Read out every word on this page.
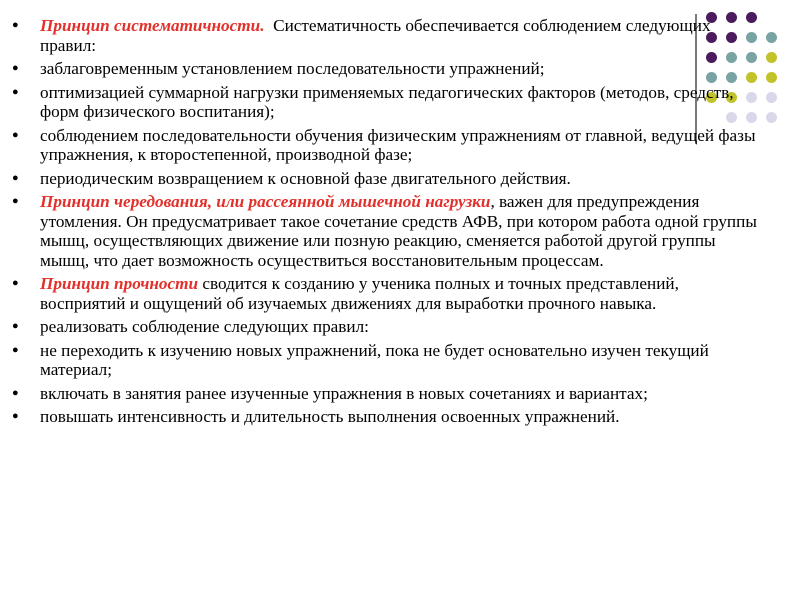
● Принцип систематичности.  Систематичность обеспечивается соблюдением следующих правил:
● заблаговременным установлением последовательности упражнений;
● оптимизацией суммарной нагрузки применяемых педагогических факторов (методов, средств, форм физического воспитания);
● соблюдением последовательности обучения физическим упражнениям от главной, ведущей фазы упражнения, к второстепенной, производной фазе;
● периодическим возвращением к основной фазе двигательного действия.
● Принцип чередования, или рассеянной мышечной нагрузки, важен для предупреждения утомления. Он предусматривает такое сочетание средств АФВ, при котором работа одной группы мышц, осуществляющих движение или позную реакцию, сменяется работой другой группы мышц, что дает возможность осуществиться восстановительным процессам.
● Принцип прочности сводится к созданию у ученика полных и точных представлений, восприятий и ощущений об изучаемых движениях для выработки прочного навыка.
● реализовать соблюдение следующих правил:
● не переходить к изучению новых упражнений, пока не будет основательно изучен текущий материал;
● включать в занятия ранее изученные упражнения в новых сочетаниях и вариантах;
● повышать интенсивность и длительность выполнения освоенных упражнений.
